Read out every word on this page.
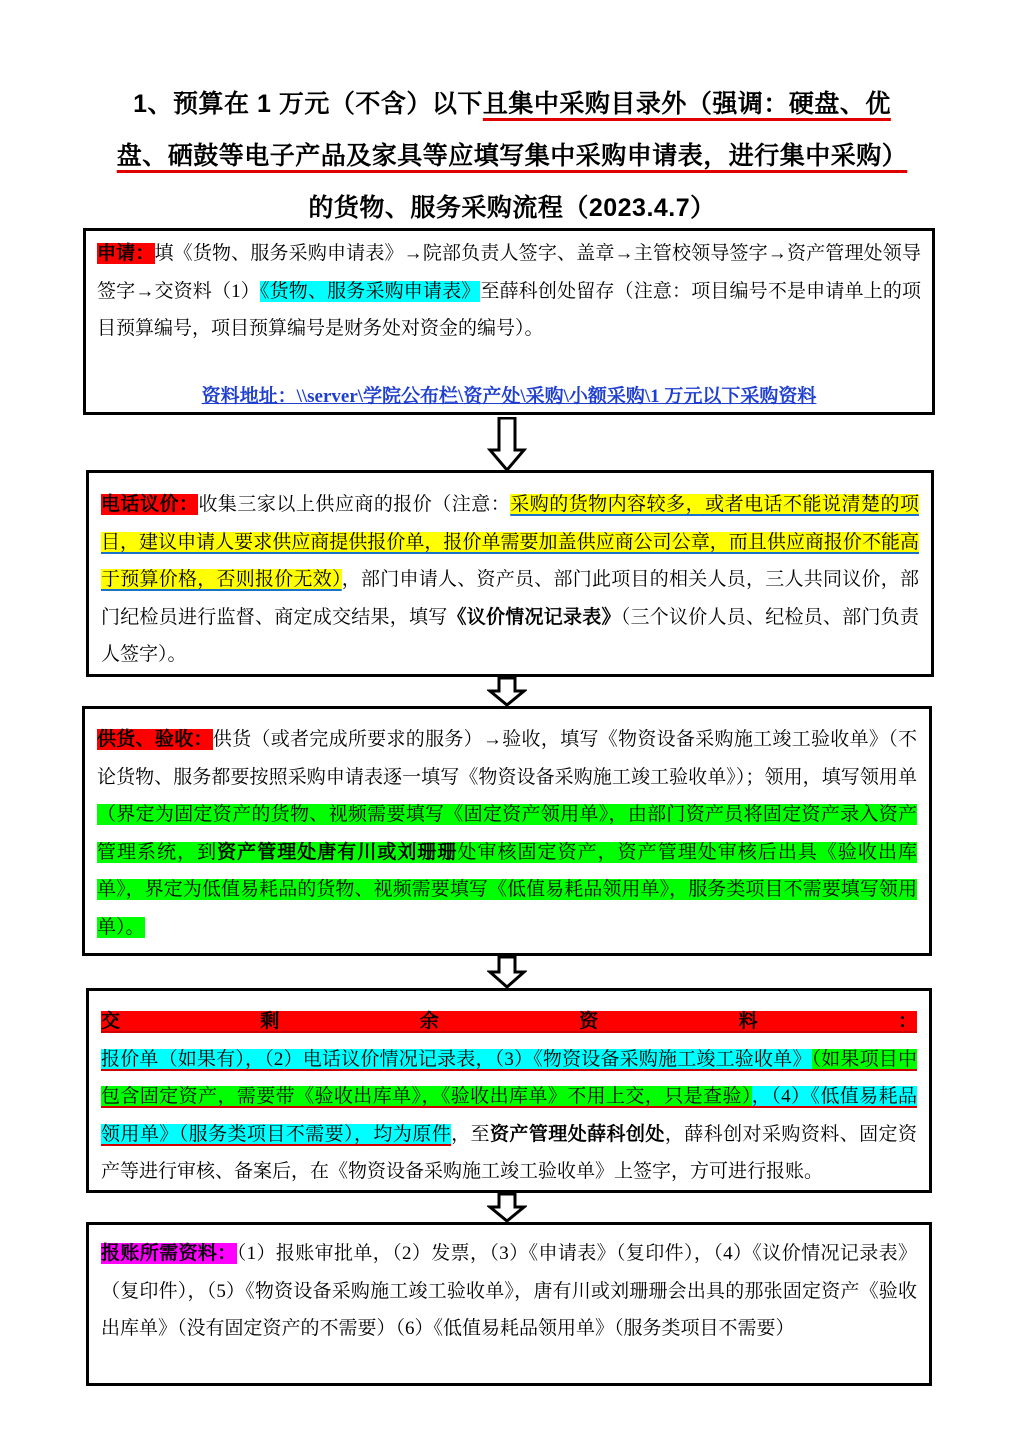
1、预算在 1 万元（不含）以下且集中采购目录外（强调：硬盘、优
盘、硒鼓等电子产品及家具等应填写集中采购申请表，进行集中采购）
的货物、服务采购流程（2023.4.7）
申请：填《货物、服务采购申请表》→院部负责人签字、盖章→主管校领导签字→资产管理处领导签字→交资料（1）《货物、服务采购申请表》至薛科创处留存（注意：项目编号不是申请单上的项目预算编号，项目预算编号是财务处对资金的编号）。
资料地址：\\server\学院公布栏\资产处\采购\小额采购\1 万元以下采购资料
电话议价：收集三家以上供应商的报价（注意：采购的货物内容较多，或者电话不能说清楚的项目，建议申请人要求供应商提供报价单，报价单需要加盖供应商公司公章，而且供应商报价不能高于预算价格，否则报价无效），部门申请人、资产员、部门此项目的相关人员，三人共同议价，部门纪检员进行监督、商定成交结果，填写《议价情况记录表》（三个议价人员、纪检员、部门负责人签字）。
供货、验收：供货（或者完成所要求的服务）→验收，填写《物资设备采购施工竣工验收单》（不论货物、服务都要按照采购申请表逐一填写《物资设备采购施工竣工验收单》）；领用，填写领用单（界定为固定资产的货物、视频需要填写《固定资产领用单》，由部门资产员将固定资产录入资产管理系统，到资产管理处唐有川或刘珊珊处审核固定资产，资产管理处审核后出具《验收出库单》，界定为低值易耗品的货物、视频需要填写《低值易耗品领用单》，服务类项目不需要填写领用单）。
交剩余资料：报价单（如果有），（2）电话议价情况记录表，（3）《物资设备采购施工竣工验收单》（如果项目中包含固定资产，需要带《验收出库单》，《验收出库单》不用上交，只是查验），（4）《低值易耗品领用单》（服务类项目不需要），均为原件，至资产管理处薛科创处，薛科创对采购资料、固定资产等进行审核、备案后，在《物资设备采购施工竣工验收单》上签字，方可进行报账。
报账所需资料：（1）报账审批单，（2）发票，（3）《申请表》（复印件），（4）《议价情况记录表》（复印件），（5）《物资设备采购施工竣工验收单》，唐有川或刘珊珊会出具的那张固定资产《验收出库单》（没有固定资产的不需要）（6）《低值易耗品领用单》（服务类项目不需要）
